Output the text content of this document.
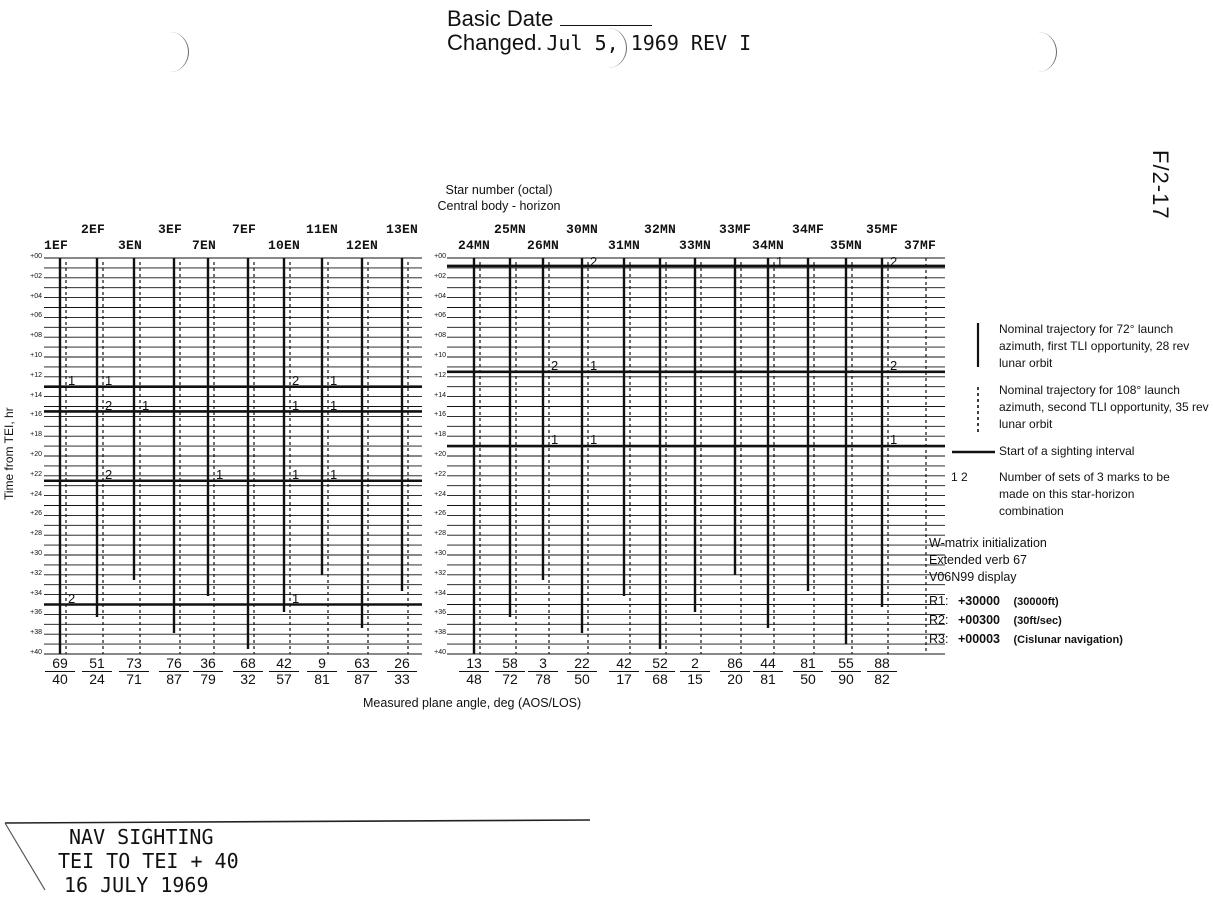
Basic Date
Changed. Jul 5, 1969 REV I
F/2-17
Star number (octal)
Central body - horizon
Time from TEI, hr
Measured plane angle, deg (AOS/LOS)
+00
+02
+04
+06
+08
+10
+12
+14
+16
+18
+20
+22
+24
+26
+28
+30
+32
+34
+36
+38
+40
1EF
2EF
3EN
3EF
7EN
7EF
10EN
11EN
12EN
13EN
1 1	2 1
2 1	1 1
2	1	1 1
2	1
$\frac{69}{40} \frac{51}{24} \frac{73}{71} \frac{76}{87} \frac{36}{79} \frac{68}{32} \frac{42}{57} \frac{9}{81} \frac{63}{87} \frac{26}{33}$
+00
+02
+04
+06
+08
+10
+12
+14
+16
+18
+20
+22
+24
+26
+28
+30
+32
+34
+36
+38
+40
24MN
25MN
26MN
30MN
31MN
32MN
33MN
33MF
34MN
34MF
35MN
35MF
37MF
2	1	2
2 1	2
1 1	1
$\frac{13}{48} \frac{58}{72} \frac{3}{78} \frac{22}{50} \frac{42}{17} \frac{52}{68} \frac{2}{15} \frac{86}{20} \frac{44}{81} \frac{81}{50} \frac{55}{90} \frac{88}{82}$
Nominal trajectory for 72° launch azimuth, first TLI opportunity, 28 rev lunar orbit
Nominal trajectory for 108° launch azimuth, second TLI opportunity, 35 rev lunar orbit
Start of a sighting interval
1 2	Number of sets of 3 marks to be made on this star-horizon combination
W-matrix initialization
Extended verb 67
V06N99 display
R1: +30000 (30000ft)
R2: +00300 (30ft/sec)
R3: +00003 (Cislunar navigation)
NAV SIGHTING
TEI TO TEI + 40
16 JULY 1969
